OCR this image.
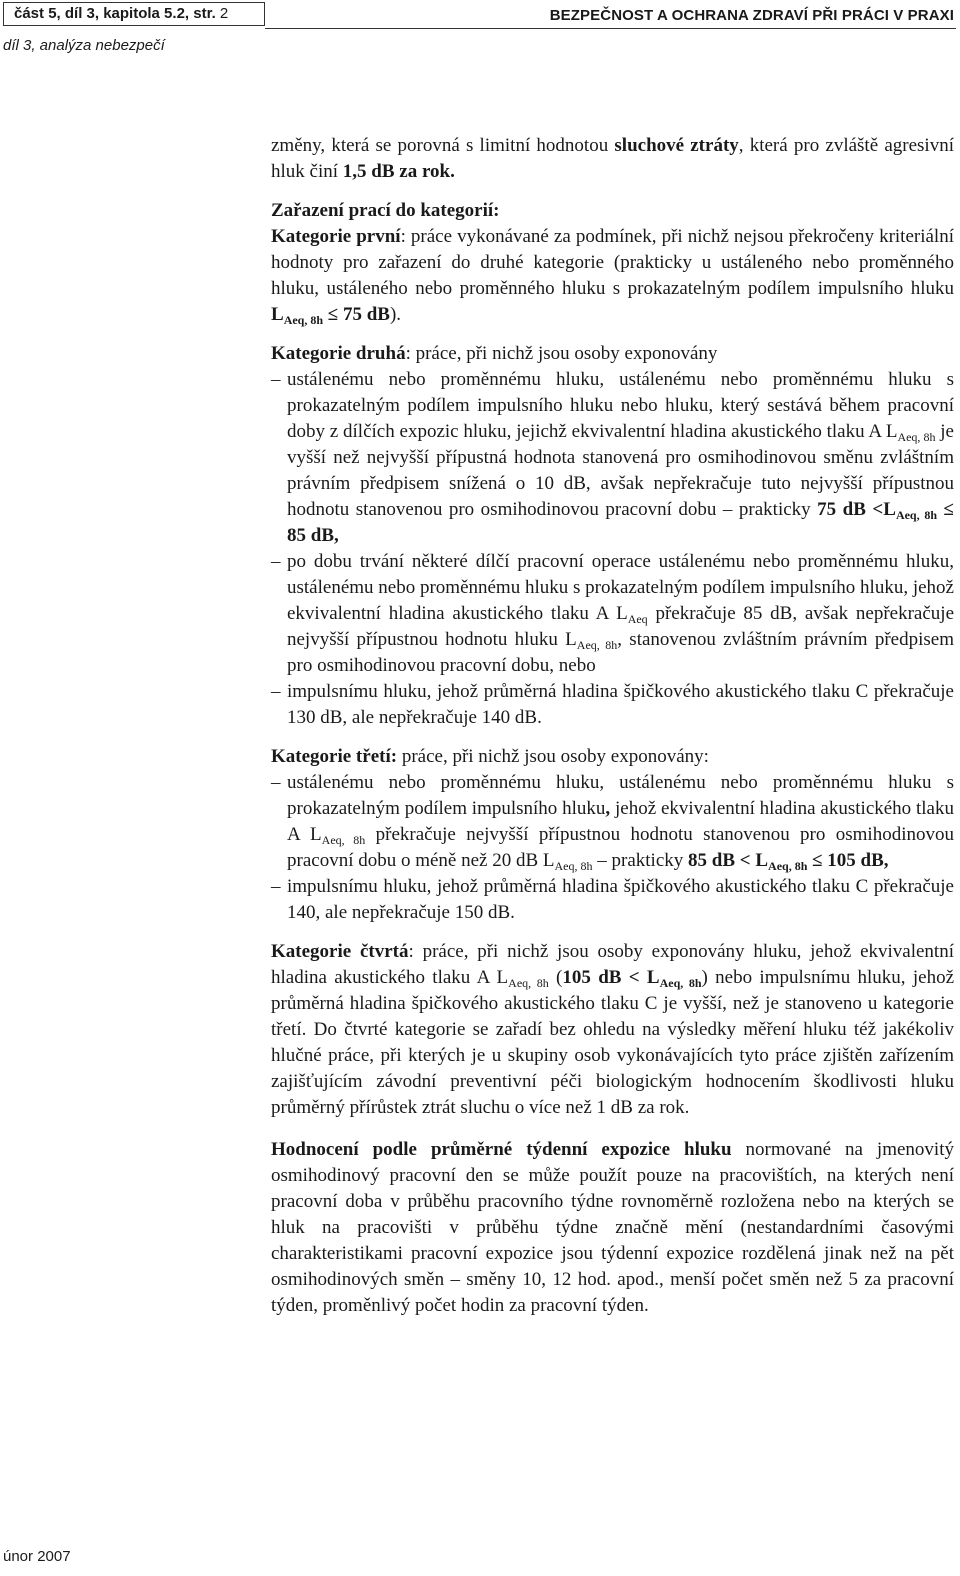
část 5, díl 3, kapitola 5.2, str. 2	BEZPEČNOST A OCHRANA ZDRAVÍ PŘI PRÁCI V PRAXI
díl 3, analýza nebezpečí

změny, která se porovná s limitní hodnotou sluchové ztráty, která pro zvláště agresivní hluk činí 1,5 dB za rok.

Zařazení prací do kategorií:

Kategorie první: práce vykonávané za podmínek, při nichž nejsou překročeny kriteriální hodnoty pro zařazení do druhé kategorie (prakticky u ustáleného nebo proměnného hluku, ustáleného nebo proměnného hluku s prokazatelným podílem impulsního hluku $L_{Aeq, 8h} \le 75$ dB).

Kategorie druhá: práce, při nichž jsou osoby exponovány

– ustálenému nebo proměnnému hluku, ustálenému nebo proměnnému hluku s prokazatelným podílem impulsního hluku nebo hluku, který sestává během pracovní doby z dílčích expozic hluku, jejichž ekvivalentní hladina akustického tlaku A $L_{Aeq, 8h}$ je vyšší než nejvyšší přípustná hodnota stanovená pro osmihodinovou směnu zvláštním právním předpisem snížená o 10 dB, avšak nepřekračuje tuto nejvyšší přípustnou hodnotu stanovenou pro osmihodinovou pracovní dobu – prakticky 75 dB $<L_{Aeq, 8h} \le 85$ dB,
– po dobu trvání některé dílčí pracovní operace ustálenému nebo proměnnému hluku, ustálenému nebo proměnnému hluku s prokazatelným podílem impulsního hluku, jehož ekvivalentní hladina akustického tlaku A $L_{Aeq}$ překračuje 85 dB, avšak nepřekračuje nejvyšší přípustnou hodnotu hluku $L_{Aeq, 8h}$, stanovenou zvláštním právním předpisem pro osmihodinovou pracovní dobu, nebo
– impulsnímu hluku, jehož průměrná hladina špičkového akustického tlaku C překračuje 130 dB, ale nepřekračuje 140 dB.

Kategorie třetí: práce, při nichž jsou osoby exponovány:

– ustálenému nebo proměnnému hluku, ustálenému nebo proměnnému hluku s prokazatelným podílem impulsního hluku, jehož ekvivalentní hladina akustického tlaku A $L_{Aeq, 8h}$ překračuje nejvyšší přípustnou hodnotu stanovenou pro osmihodinovou pracovní dobu o méně než 20 dB $L_{Aeq, 8h}$ – prakticky 85 dB < $L_{Aeq, 8h} \le 105$ dB,
– impulsnímu hluku, jehož průměrná hladina špičkového akustického tlaku C překračuje 140, ale nepřekračuje 150 dB.

Kategorie čtvrtá: práce, při nichž jsou osoby exponovány hluku, jehož ekvivalentní hladina akustického tlaku A $L_{Aeq, 8h}$ (105 dB < $L_{Aeq, 8h}$) nebo impulsnímu hluku, jehož průměrná hladina špičkového akustického tlaku C je vyšší, než je stanoveno u kategorie třetí. Do čtvrté kategorie se zařadí bez ohledu na výsledky měření hluku též jakékoliv hlučné práce, při kterých je u skupiny osob vykonávajících tyto práce zjištěn zařízením zajišťujícím závodní preventivní péči biologickým hodnocením škodlivosti hluku průměrný přírůstek ztrát sluchu o více než 1 dB za rok.

Hodnocení podle průměrné týdenní expozice hluku normované na jmenovitý osmihodinový pracovní den se může použít pouze na pracovištích, na kterých není pracovní doba v průběhu pracovního týdne rovnoměrně rozložena nebo na kterých se hluk na pracovišti v průběhu týdne značně mění (nestandardními časovými charakteristikami pracovní expozice jsou týdenní expozice rozdělená jinak než na pět osmihodinových směn – směny 10, 12 hod. apod., menší počet směn než 5 za pracovní týden, proměnlivý počet hodin za pracovní týden.

únor 2007
